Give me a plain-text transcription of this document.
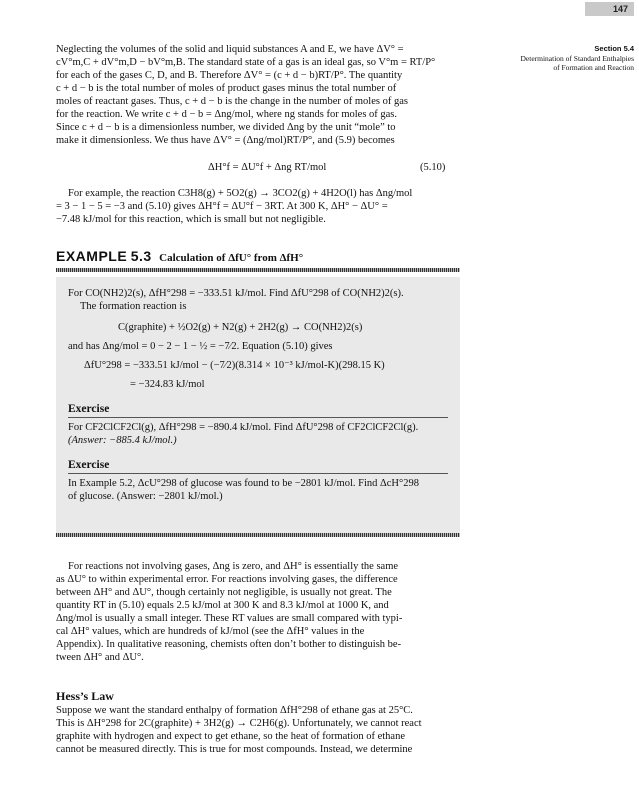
147
Section 5.4
Determination of Standard Enthalpies
of Formation and Reaction

Neglecting the volumes of the solid and liquid substances A and E, we have ΔV° =

cV°m,C + dV°m,D − bV°m,B. The standard state of a gas is an ideal gas, so V°m = RT/P°

for each of the gases C, D, and B. Therefore ΔV° = (c + d − b)RT/P°. The quantity

c + d − b is the total number of moles of product gases minus the total number of

moles of reactant gases. Thus, c + d − b is the change in the number of moles of gas

for the reaction. We write c + d − b = Δng/mol, where ng stands for moles of gas.

Since c + d − b is a dimensionless number, we divided Δng by the unit “mole” to

make it dimensionless. We thus have ΔV° = (Δng/mol)RT/P°, and (5.9) becomes

ΔH°f = ΔU°f + Δng RT/mol	(5.10)

For example, the reaction C3H8(g) + 5O2(g) → 3CO2(g) + 4H2O(l) has Δng/mol

= 3 − 1 − 5 = −3 and (5.10) gives ΔH°f = ΔU°f − 3RT. At 300 K, ΔH° − ΔU° =

−7.48 kJ/mol for this reaction, which is small but not negligible.

EXAMPLE 5.3 Calculation of ΔfU° from ΔfH°

For CO(NH2)2(s), ΔfH°298 = −333.51 kJ/mol. Find ΔfU°298 of CO(NH2)2(s).

The formation reaction is

C(graphite) + ½O2(g) + N2(g) + 2H2(g) → CO(NH2)2(s)

and has Δng/mol = 0 − 2 − 1 − ½ = −7⁄2. Equation (5.10) gives

ΔfU°298 = −333.51 kJ/mol − (−7⁄2)(8.314 × 10⁻³ kJ/mol-K)(298.15 K)

= −324.83 kJ/mol

Exercise

For CF2ClCF2Cl(g), ΔfH°298 = −890.4 kJ/mol. Find ΔfU°298 of CF2ClCF2Cl(g).

(Answer: −885.4 kJ/mol.)

Exercise

In Example 5.2, ΔcU°298 of glucose was found to be −2801 kJ/mol. Find ΔcH°298

of glucose. (Answer: −2801 kJ/mol.)

For reactions not involving gases, Δng is zero, and ΔH° is essentially the same

as ΔU° to within experimental error. For reactions involving gases, the difference

between ΔH° and ΔU°, though certainly not negligible, is usually not great. The

quantity RT in (5.10) equals 2.5 kJ/mol at 300 K and 8.3 kJ/mol at 1000 K, and

Δng/mol is usually a small integer. These RT values are small compared with typi-

cal ΔH° values, which are hundreds of kJ/mol (see the ΔfH° values in the

Appendix). In qualitative reasoning, chemists often don’t bother to distinguish be-

tween ΔH° and ΔU°.

Hess’s Law

Suppose we want the standard enthalpy of formation ΔfH°298 of ethane gas at 25°C.

This is ΔH°298 for 2C(graphite) + 3H2(g) → C2H6(g). Unfortunately, we cannot react

graphite with hydrogen and expect to get ethane, so the heat of formation of ethane

cannot be measured directly. This is true for most compounds. Instead, we determine
